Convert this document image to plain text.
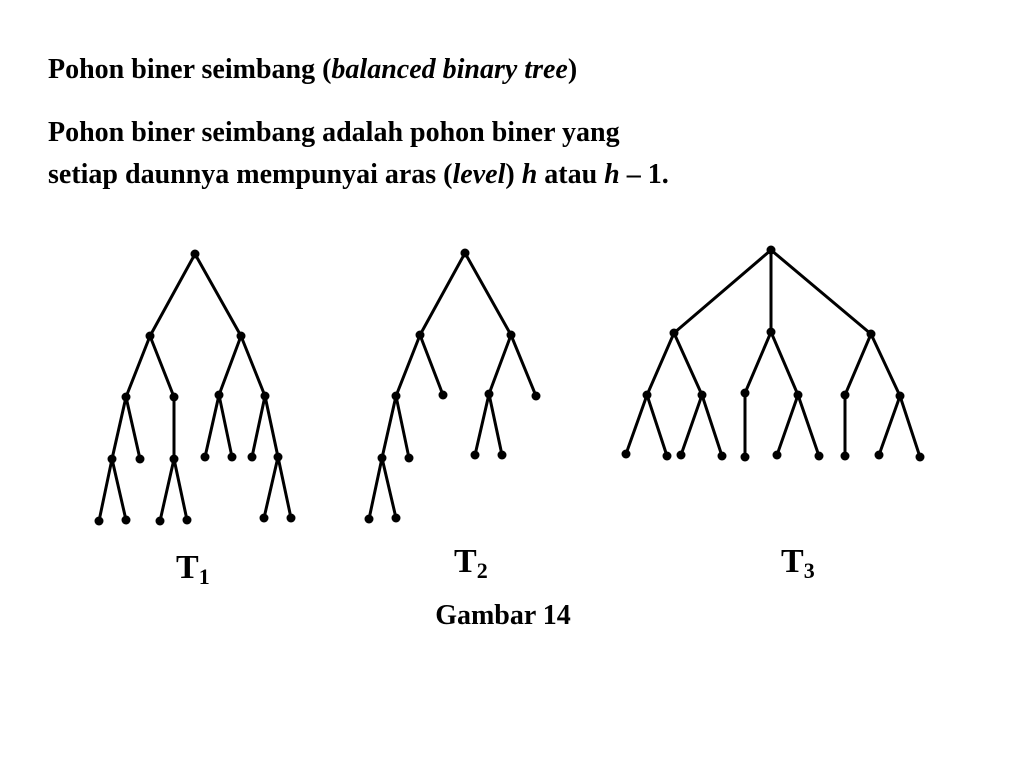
Pohon biner seimbang (balanced binary tree)
Pohon biner seimbang adalah pohon biner yang
setiap daunnya mempunyai aras (level) h atau h – 1.
$T_1$	$T_2$	$T_3$
Gambar 14
